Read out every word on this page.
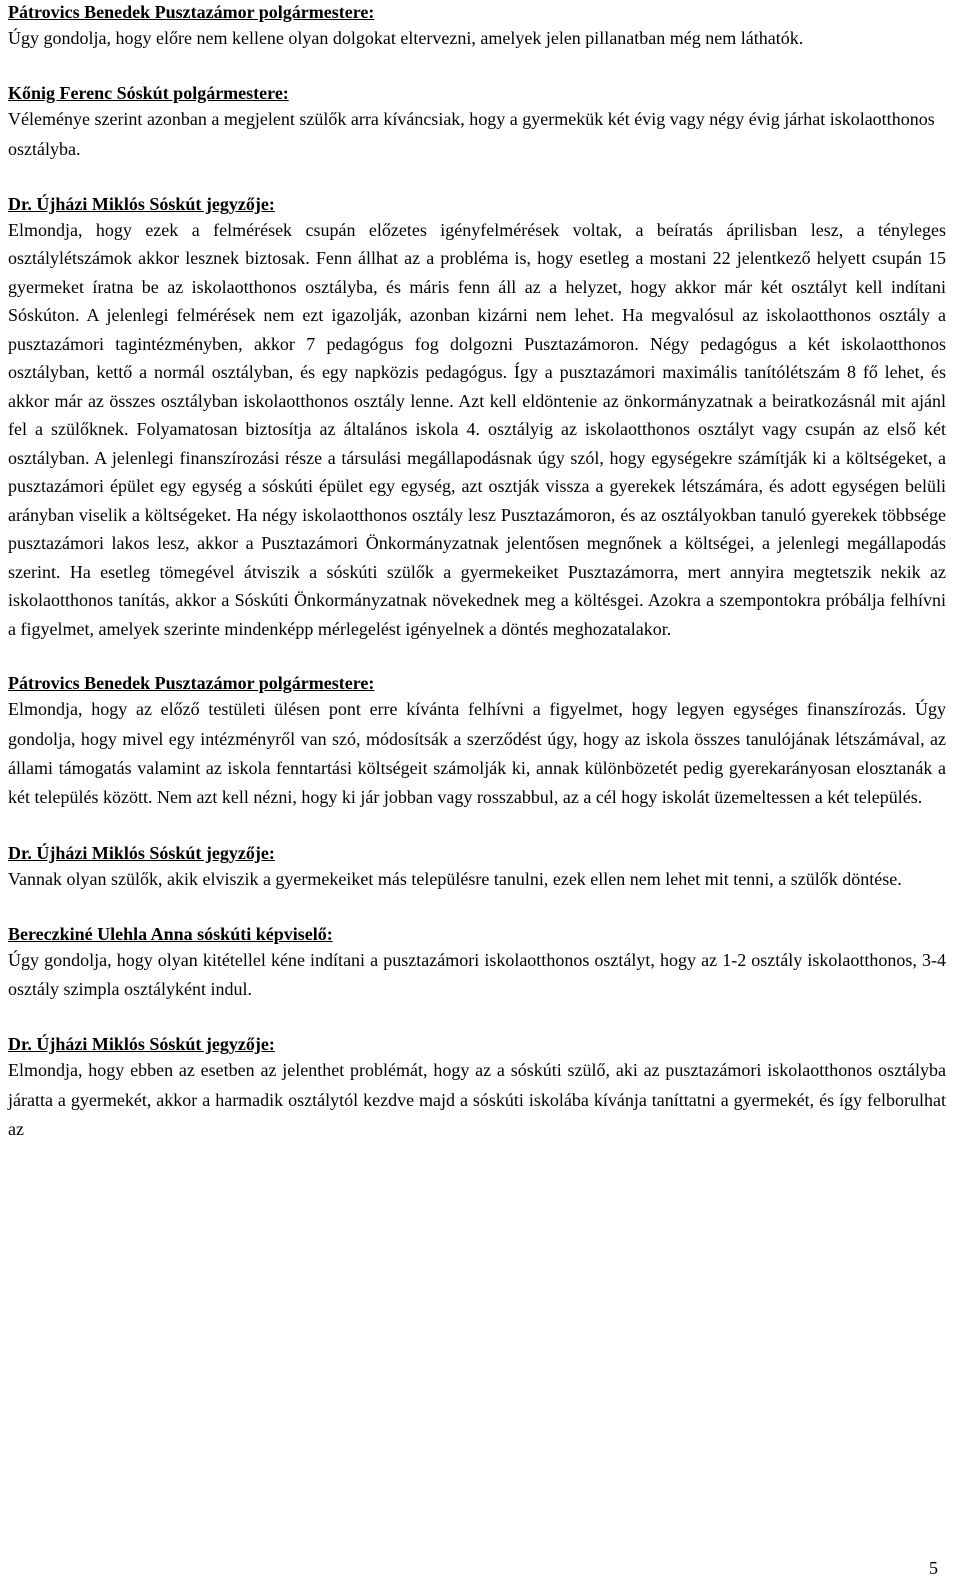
Pátrovics Benedek Pusztazámor polgármestere:

Úgy gondolja, hogy előre nem kellene olyan dolgokat eltervezni, amelyek jelen pillanatban még nem láthatók.

Kőnig Ferenc Sóskút polgármestere:

Véleménye szerint azonban a megjelent szülők arra kíváncsiak, hogy a gyermekük két évig vagy négy évig járhat iskolaotthonos osztályba.

Dr. Újházi Miklós Sóskút jegyzője:

Elmondja, hogy ezek a felmérések csupán előzetes igényfelmérések voltak, a beíratás áprilisban lesz, a tényleges osztálylétszámok akkor lesznek biztosak. Fenn állhat az a probléma is, hogy esetleg a mostani 22 jelentkező helyett csupán 15 gyermeket íratna be az iskolaotthonos osztályba, és máris fenn áll az a helyzet, hogy akkor már két osztályt kell indítani Sóskúton. A jelenlegi felmérések nem ezt igazolják, azonban kizárni nem lehet. Ha megvalósul az iskolaotthonos osztály a pusztazámori tagintézményben, akkor 7 pedagógus fog dolgozni Pusztazámoron. Négy pedagógus a két iskolaotthonos osztályban, kettő a normál osztályban, és egy napközis pedagógus. Így a pusztazámori maximális tanítólétszám 8 fő lehet, és akkor már az összes osztályban iskolaotthonos osztály lenne. Azt kell eldöntenie az önkormányzatnak a beiratkozásnál mit ajánl fel a szülőknek. Folyamatosan biztosítja az általános iskola 4. osztályig az iskolaotthonos osztályt vagy csupán az első két osztályban. A jelenlegi finanszírozási része a társulási megállapodásnak úgy szól, hogy egységekre számítják ki a költségeket, a pusztazámori épület egy egység a sóskúti épület egy egység, azt osztják vissza a gyerekek létszámára, és adott egységen belüli arányban viselik a költségeket. Ha négy iskolaotthonos osztály lesz Pusztazámoron, és az osztályokban tanuló gyerekek többsége pusztazámori lakos lesz, akkor a Pusztazámori Önkormányzatnak jelentősen megnőnek a költségei, a jelenlegi megállapodás szerint. Ha esetleg tömegével átviszik a sóskúti szülők a gyermekeiket Pusztazámorra, mert annyira megtetszik nekik az iskolaotthonos tanítás, akkor a Sóskúti Önkormányzatnak növekednek meg a költésgei. Azokra a szempontokra próbálja felhívni a figyelmet, amelyek szerinte mindenképp mérlegelést igényelnek a döntés meghozatalakor.

Pátrovics Benedek Pusztazámor polgármestere:

Elmondja, hogy az előző testületi ülésen pont erre kívánta felhívni a figyelmet, hogy legyen egységes finanszírozás. Úgy gondolja, hogy mivel egy intézményről van szó, módosítsák a szerződést úgy, hogy az iskola összes tanulójának létszámával, az állami támogatás valamint az iskola fenntartási költségeit számolják ki, annak különbözetét pedig gyerekarányosan elosztanák a két település között. Nem azt kell nézni, hogy ki jár jobban vagy rosszabbul, az a cél hogy iskolát üzemeltessen a két település.

Dr. Újházi Miklós Sóskút jegyzője:

Vannak olyan szülők, akik elviszik a gyermekeiket más településre tanulni, ezek ellen nem lehet mit tenni, a szülők döntése.

Bereczkiné Ulehla Anna sóskúti képviselő:

Úgy gondolja, hogy olyan kitétellel kéne indítani a pusztazámori iskolaotthonos osztályt, hogy az 1-2 osztály iskolaotthonos, 3-4 osztály szimpla osztályként indul.

Dr. Újházi Miklós Sóskút jegyzője:

Elmondja, hogy ebben az esetben az jelenthet problémát, hogy az a sóskúti szülő, aki az pusztazámori iskolaotthonos osztályba járatta a gyermekét, akkor a harmadik osztálytól kezdve majd a sóskúti iskolába kívánja taníttatni a gyermekét, és így felborulhat az

5
